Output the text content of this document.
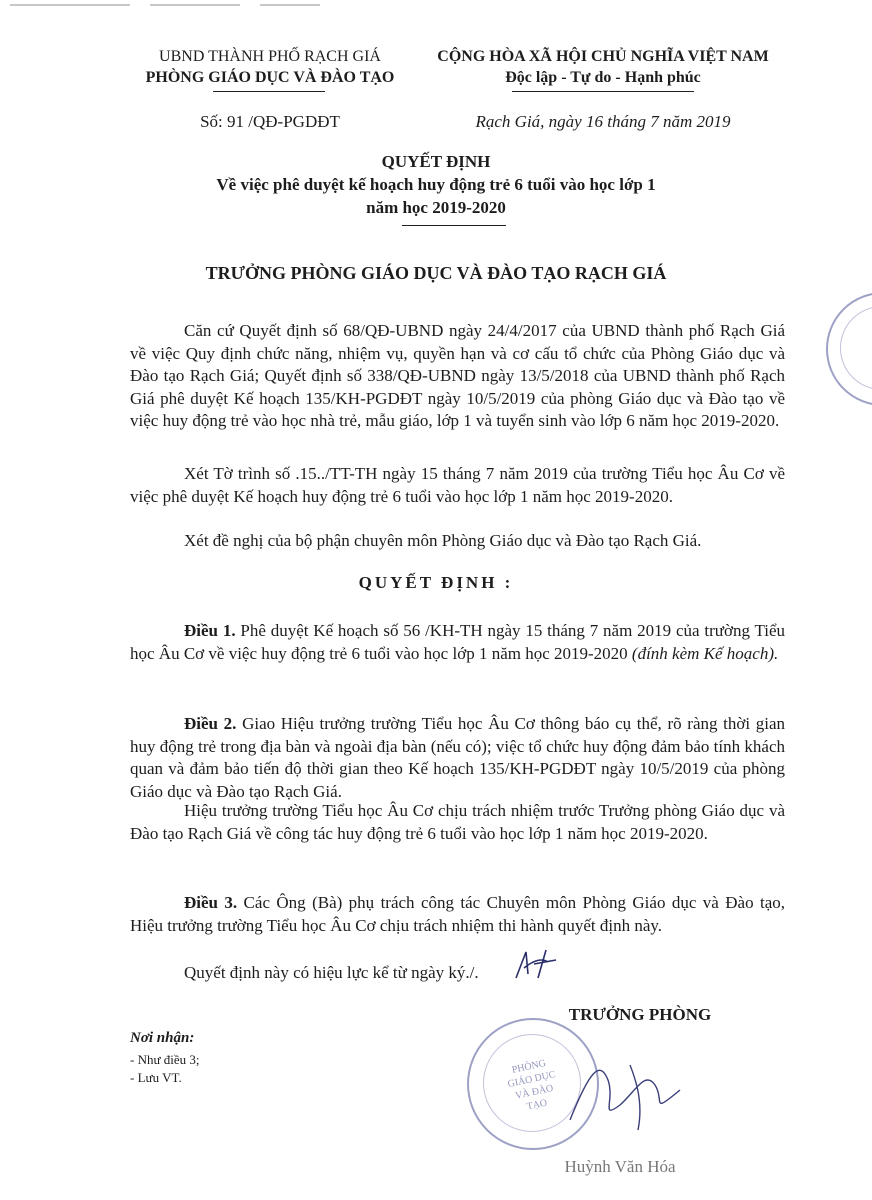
UBND THÀNH PHỐ RẠCH GIÁ
PHÒNG GIÁO DỤC VÀ ĐÀO TẠO
CỘNG HÒA XÃ HỘI CHỦ NGHĨA VIỆT NAM
Độc lập - Tự do - Hạnh phúc
Số: 91 /QĐ-PGDĐT	Rạch Giá, ngày 16 tháng 7 năm 2019
QUYẾT ĐỊNH
Về việc phê duyệt kế hoạch huy động trẻ 6 tuổi vào học lớp 1
năm học 2019-2020
TRƯỞNG PHÒNG GIÁO DỤC VÀ ĐÀO TẠO RẠCH GIÁ
Căn cứ Quyết định số 68/QĐ-UBND ngày 24/4/2017 của UBND thành phố Rạch Giá về việc Quy định chức năng, nhiệm vụ, quyền hạn và cơ cấu tổ chức của Phòng Giáo dục và Đào tạo Rạch Giá; Quyết định số 338/QĐ-UBND ngày 13/5/2018 của UBND thành phố Rạch Giá phê duyệt Kế hoạch 135/KH-PGDĐT ngày 10/5/2019 của phòng Giáo dục và Đào tạo về việc huy động trẻ vào học nhà trẻ, mẫu giáo, lớp 1 và tuyển sinh vào lớp 6 năm học 2019-2020.
Xét Tờ trình số .15../TT-TH ngày 15 tháng 7 năm 2019 của trường Tiểu học Âu Cơ về việc phê duyệt Kế hoạch huy động trẻ 6 tuổi vào học lớp 1 năm học 2019-2020.
Xét đề nghị của bộ phận chuyên môn Phòng Giáo dục và Đào tạo Rạch Giá.
QUYẾT ĐỊNH :
Điều 1. Phê duyệt Kế hoạch số 56 /KH-TH ngày 15 tháng 7 năm 2019 của trường Tiểu học Âu Cơ về việc huy động trẻ 6 tuổi vào học lớp 1 năm học 2019-2020 (đính kèm Kế hoạch).
Điều 2. Giao Hiệu trưởng trường Tiểu học Âu Cơ thông báo cụ thể, rõ ràng thời gian huy động trẻ trong địa bàn và ngoài địa bàn (nếu có); việc tổ chức huy động đảm bảo tính khách quan và đảm bảo tiến độ thời gian theo Kế hoạch 135/KH-PGDĐT ngày 10/5/2019 của phòng Giáo dục và Đào tạo Rạch Giá.
Hiệu trưởng trường Tiểu học Âu Cơ chịu trách nhiệm trước Trưởng phòng Giáo dục và Đào tạo Rạch Giá về công tác huy động trẻ 6 tuổi vào học lớp 1 năm học 2019-2020.
Điều 3. Các Ông (Bà) phụ trách công tác Chuyên môn Phòng Giáo dục và Đào tạo, Hiệu trưởng trường Tiểu học Âu Cơ chịu trách nhiệm thi hành quyết định này.
Quyết định này có hiệu lực kể từ ngày ký./.
Nơi nhận:
- Như điều 3;
- Lưu VT.
TRƯỞNG PHÒNG
PHÒNG GIÁO DỤC VÀ ĐÀO TẠO
Huỳnh Văn Hóa
